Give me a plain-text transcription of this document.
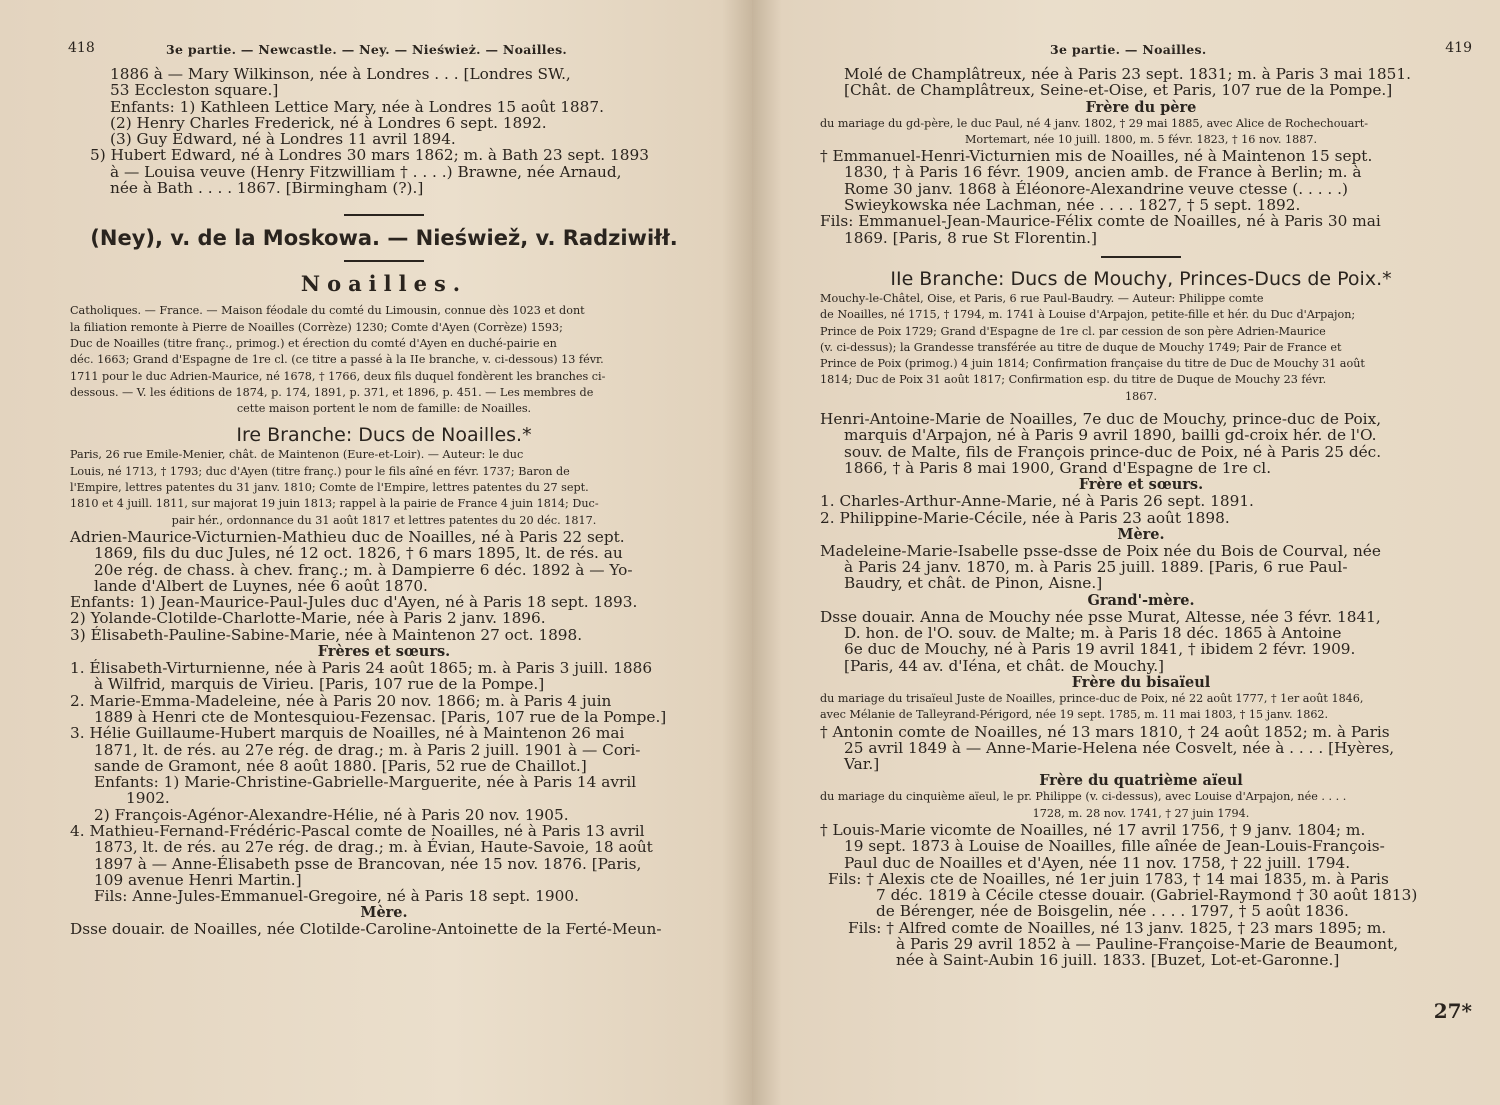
418	3e partie. — Newcastle. — Ney. — Nieśwież. — Noailles.
1886 à — Mary Wilkinson, née à Londres . . . [Londres SW.,
53 Eccleston square.]
Enfants: 1) Kathleen Lettice Mary, née à Londres 15 août 1887.
(2) Henry Charles Frederick, né à Londres 6 sept. 1892.
(3) Guy Edward, né à Londres 11 avril 1894.
5) Hubert Edward, né à Londres 30 mars 1862; m. à Bath 23 sept. 1893
à — Louisa veuve (Henry Fitzwilliam † . . . .) Brawne, née Arnaud,
née à Bath . . . . 1867. [Birmingham (?).]
(Ney), v. de la Moskowa. — Nieświež, v. Radziwiłł.
Noailles.
Catholiques. — France. — Maison féodale du comté du Limousin, connue dès 1023 et dont
la filiation remonte à Pierre de Noailles (Corrèze) 1230; Comte d'Ayen (Corrèze) 1593;
Duc de Noailles (titre franç., primog.) et érection du comté d'Ayen en duché-pairie en
déc. 1663; Grand d'Espagne de 1re cl. (ce titre a passé à la IIe branche, v. ci-dessous) 13 févr.
1711 pour le duc Adrien-Maurice, né 1678, † 1766, deux fils duquel fondèrent les branches ci-
dessous. — V. les éditions de 1874, p. 174, 1891, p. 371, et 1896, p. 451. — Les membres de
cette maison portent le nom de famille: de Noailles.
Ire Branche: Ducs de Noailles.*
Paris, 26 rue Emile-Menier, chât. de Maintenon (Eure-et-Loir). — Auteur: le duc
Louis, né 1713, † 1793; duc d'Ayen (titre franç.) pour le fils aîné en févr. 1737; Baron de
l'Empire, lettres patentes du 31 janv. 1810; Comte de l'Empire, lettres patentes du 27 sept.
1810 et 4 juill. 1811, sur majorat 19 juin 1813; rappel à la pairie de France 4 juin 1814; Duc-
pair hér., ordonnance du 31 août 1817 et lettres patentes du 20 déc. 1817.
Adrien-Maurice-Victurnien-Mathieu duc de Noailles, né à Paris 22 sept.
1869, fils du duc Jules, né 12 oct. 1826, † 6 mars 1895, lt. de rés. au
20e rég. de chass. à chev. franç.; m. à Dampierre 6 déc. 1892 à — Yo-
lande d'Albert de Luynes, née 6 août 1870.
Enfants: 1) Jean-Maurice-Paul-Jules duc d'Ayen, né à Paris 18 sept. 1893.
2) Yolande-Clotilde-Charlotte-Marie, née à Paris 2 janv. 1896.
3) Élisabeth-Pauline-Sabine-Marie, née à Maintenon 27 oct. 1898.
Frères et sœurs.
1. Élisabeth-Virturnienne, née à Paris 24 août 1865; m. à Paris 3 juill. 1886
à Wilfrid, marquis de Virieu. [Paris, 107 rue de la Pompe.]
2. Marie-Emma-Madeleine, née à Paris 20 nov. 1866; m. à Paris 4 juin
1889 à Henri cte de Montesquiou-Fezensac. [Paris, 107 rue de la Pompe.]
3. Hélie Guillaume-Hubert marquis de Noailles, né à Maintenon 26 mai
1871, lt. de rés. au 27e rég. de drag.; m. à Paris 2 juill. 1901 à — Cori-
sande de Gramont, née 8 août 1880. [Paris, 52 rue de Chaillot.]
Enfants: 1) Marie-Christine-Gabrielle-Marguerite, née à Paris 14 avril
1902.
2) François-Agénor-Alexandre-Hélie, né à Paris 20 nov. 1905.
4. Mathieu-Fernand-Frédéric-Pascal comte de Noailles, né à Paris 13 avril
1873, lt. de rés. au 27e rég. de drag.; m. à Évian, Haute-Savoie, 18 août
1897 à — Anne-Élisabeth psse de Brancovan, née 15 nov. 1876. [Paris,
109 avenue Henri Martin.]
Fils: Anne-Jules-Emmanuel-Gregoire, né à Paris 18 sept. 1900.
Mère.
Dsse douair. de Noailles, née Clotilde-Caroline-Antoinette de la Ferté-Meun-
3e partie. — Noailles.	419
Molé de Champlâtreux, née à Paris 23 sept. 1831; m. à Paris 3 mai 1851.
[Chât. de Champlâtreux, Seine-et-Oise, et Paris, 107 rue de la Pompe.]
Frère du père
du mariage du gd-père, le duc Paul, né 4 janv. 1802, † 29 mai 1885, avec Alice de Rochechouart-
Mortemart, née 10 juill. 1800, m. 5 févr. 1823, † 16 nov. 1887.
† Emmanuel-Henri-Victurnien mis de Noailles, né à Maintenon 15 sept.
1830, † à Paris 16 févr. 1909, ancien amb. de France à Berlin; m. à
Rome 30 janv. 1868 à Éléonore-Alexandrine veuve ctesse (. . . . .)
Swieykowska née Lachman, née . . . . 1827, † 5 sept. 1892.
Fils: Emmanuel-Jean-Maurice-Félix comte de Noailles, né à Paris 30 mai
1869. [Paris, 8 rue St Florentin.]
IIe Branche: Ducs de Mouchy, Princes-Ducs de Poix.*
Mouchy-le-Châtel, Oise, et Paris, 6 rue Paul-Baudry. — Auteur: Philippe comte
de Noailles, né 1715, † 1794, m. 1741 à Louise d'Arpajon, petite-fille et hér. du Duc d'Arpajon;
Prince de Poix 1729; Grand d'Espagne de 1re cl. par cession de son père Adrien-Maurice
(v. ci-dessus); la Grandesse transférée au titre de duque de Mouchy 1749; Pair de France et
Prince de Poix (primog.) 4 juin 1814; Confirmation française du titre de Duc de Mouchy 31 août
1814; Duc de Poix 31 août 1817; Confirmation esp. du titre de Duque de Mouchy 23 févr.
1867.
Henri-Antoine-Marie de Noailles, 7e duc de Mouchy, prince-duc de Poix,
marquis d'Arpajon, né à Paris 9 avril 1890, bailli gd-croix hér. de l'O.
souv. de Malte, fils de François prince-duc de Poix, né à Paris 25 déc.
1866, † à Paris 8 mai 1900, Grand d'Espagne de 1re cl.
Frère et sœurs.
1. Charles-Arthur-Anne-Marie, né à Paris 26 sept. 1891.
2. Philippine-Marie-Cécile, née à Paris 23 août 1898.
Mère.
Madeleine-Marie-Isabelle psse-dsse de Poix née du Bois de Courval, née
à Paris 24 janv. 1870, m. à Paris 25 juill. 1889. [Paris, 6 rue Paul-
Baudry, et chât. de Pinon, Aisne.]
Grand'-mère.
Dsse douair. Anna de Mouchy née psse Murat, Altesse, née 3 févr. 1841,
D. hon. de l'O. souv. de Malte; m. à Paris 18 déc. 1865 à Antoine
6e duc de Mouchy, né à Paris 19 avril 1841, † ibidem 2 févr. 1909.
[Paris, 44 av. d'Iéna, et chât. de Mouchy.]
Frère du bisaïeul
du mariage du trisaïeul Juste de Noailles, prince-duc de Poix, né 22 août 1777, † 1er août 1846,
avec Mélanie de Talleyrand-Périgord, née 19 sept. 1785, m. 11 mai 1803, † 15 janv. 1862.
† Antonin comte de Noailles, né 13 mars 1810, † 24 août 1852; m. à Paris
25 avril 1849 à — Anne-Marie-Helena née Cosvelt, née à . . . . [Hyères,
Var.]
Frère du quatrième aïeul
du mariage du cinquième aïeul, le pr. Philippe (v. ci-dessus), avec Louise d'Arpajon, née . . . .
1728, m. 28 nov. 1741, † 27 juin 1794.
† Louis-Marie vicomte de Noailles, né 17 avril 1756, † 9 janv. 1804; m.
19 sept. 1873 à Louise de Noailles, fille aînée de Jean-Louis-François-
Paul duc de Noailles et d'Ayen, née 11 nov. 1758, † 22 juill. 1794.
Fils: † Alexis cte de Noailles, né 1er juin 1783, † 14 mai 1835, m. à Paris
7 déc. 1819 à Cécile ctesse douair. (Gabriel-Raymond † 30 août 1813)
de Bérenger, née de Boisgelin, née . . . . 1797, † 5 août 1836.
Fils: † Alfred comte de Noailles, né 13 janv. 1825, † 23 mars 1895; m.
à Paris 29 avril 1852 à — Pauline-Françoise-Marie de Beaumont,
née à Saint-Aubin 16 juill. 1833. [Buzet, Lot-et-Garonne.]
27*
